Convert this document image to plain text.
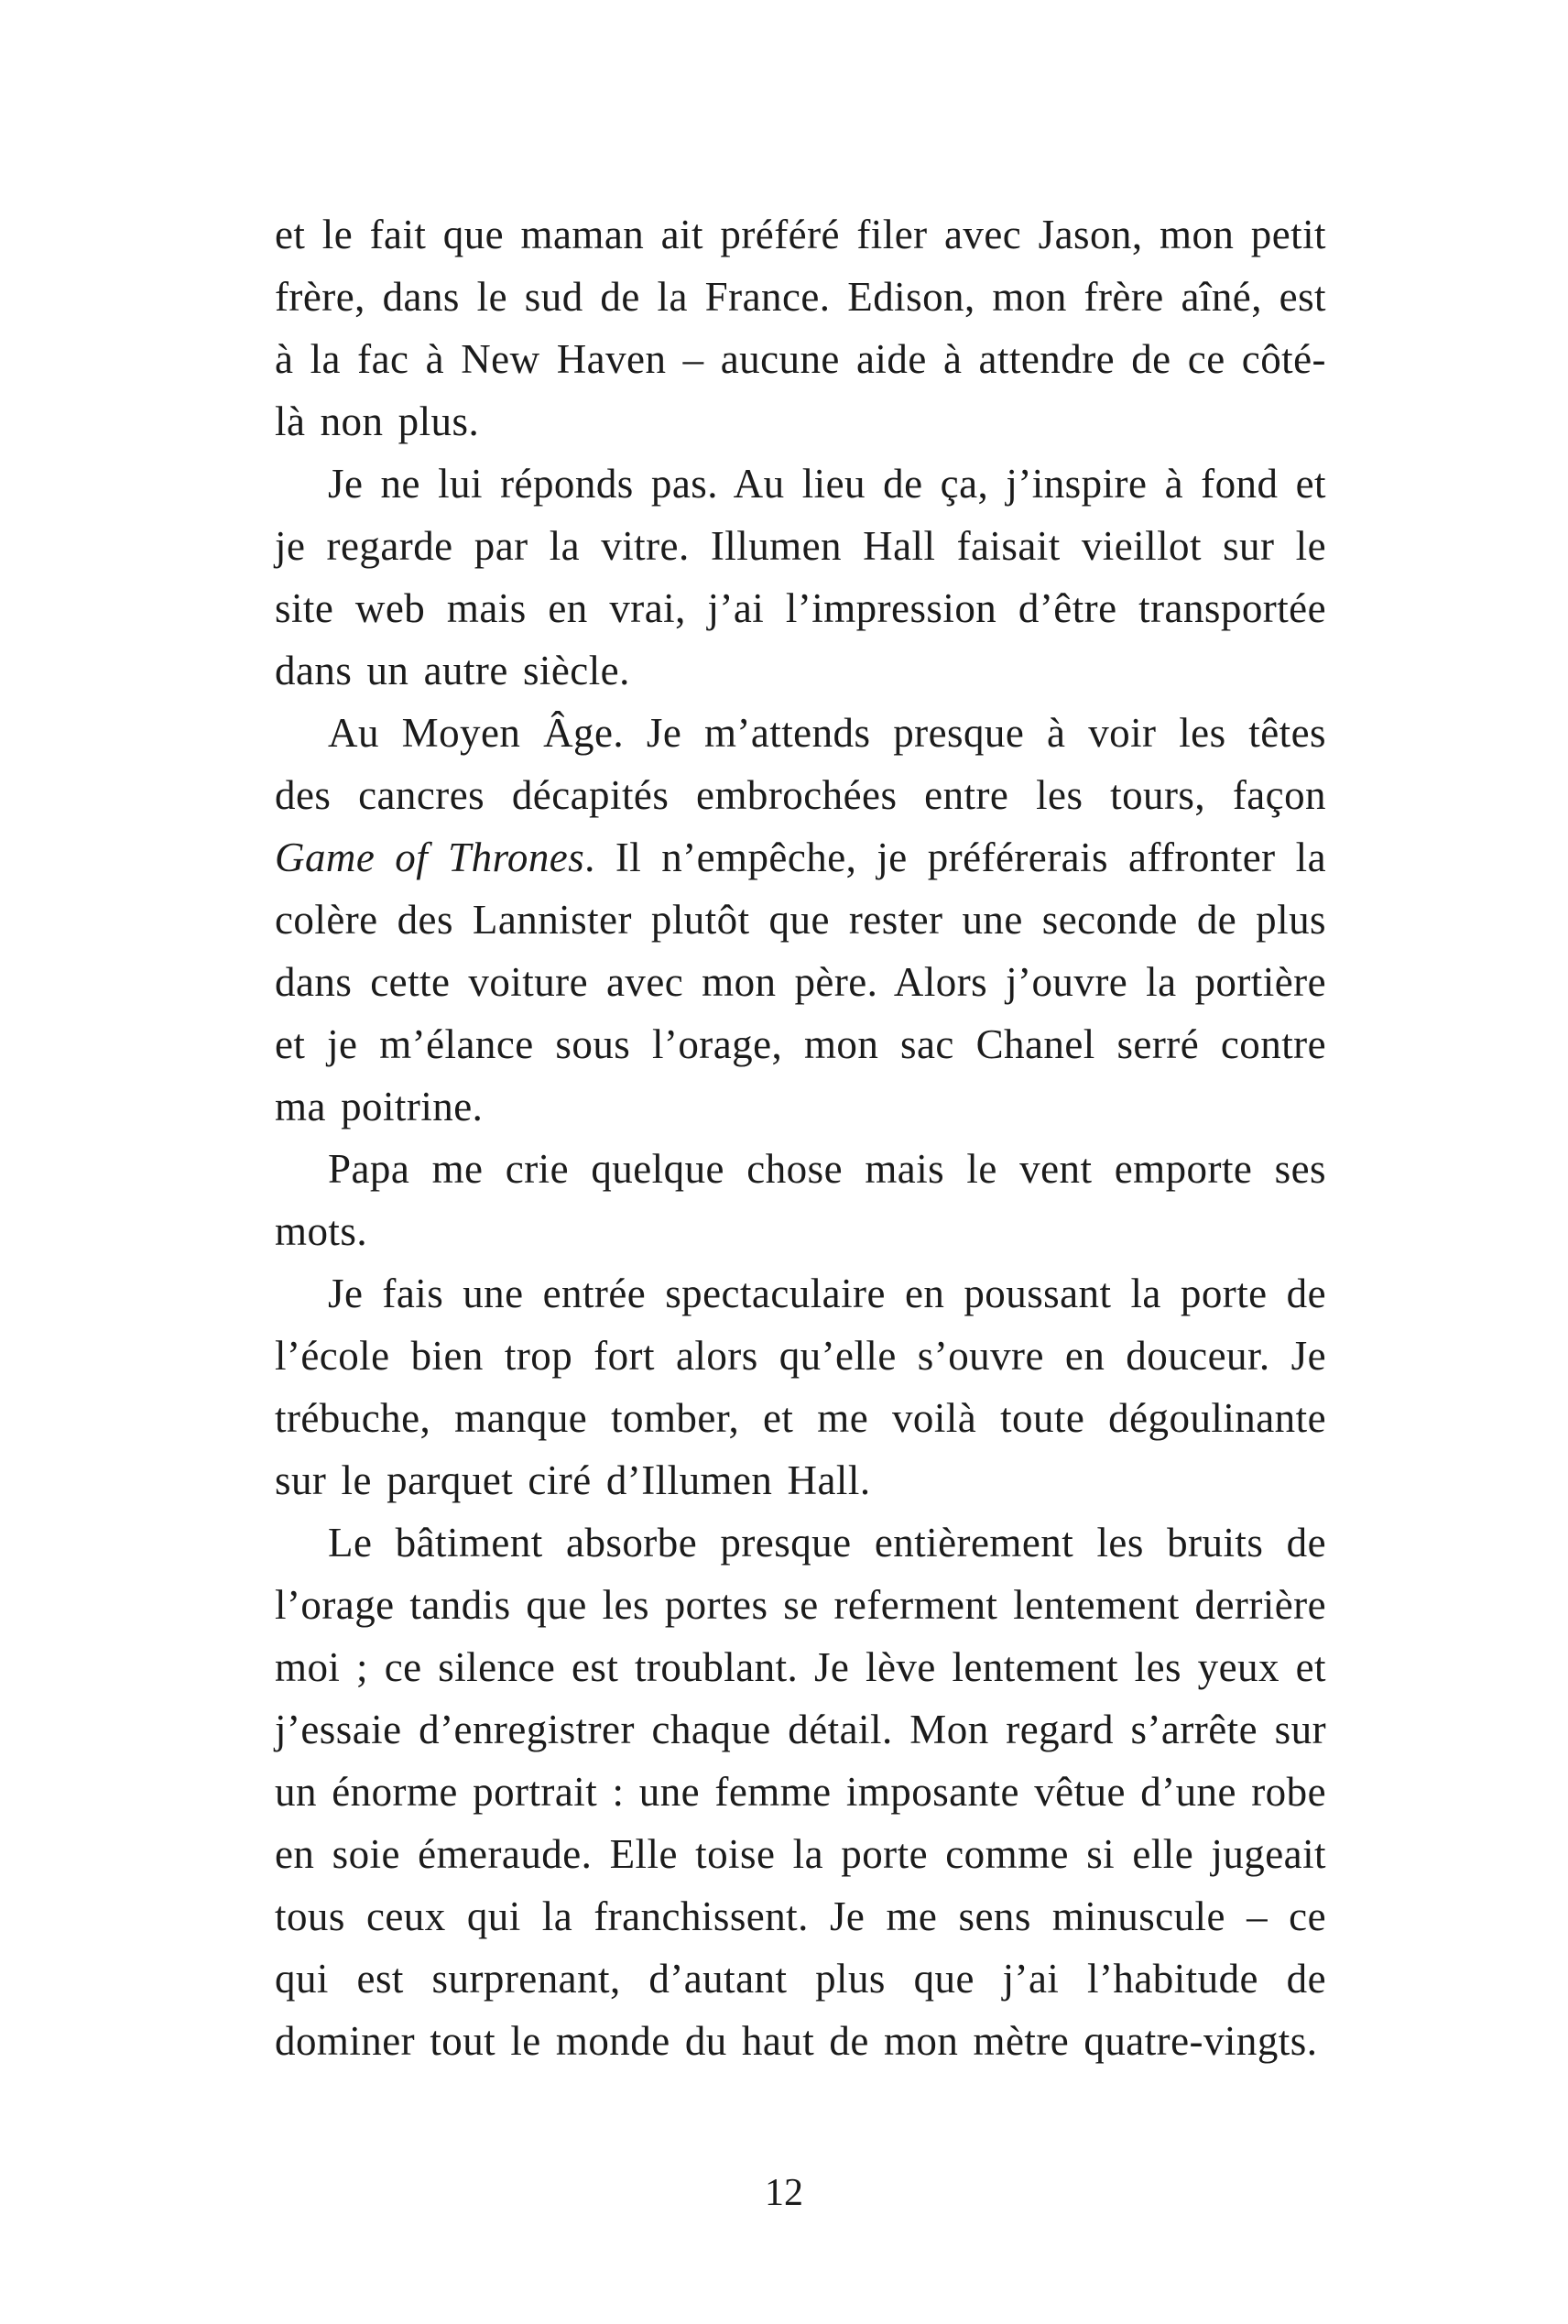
et le fait que maman ait préféré filer avec Jason, mon petit frère, dans le sud de la France. Edison, mon frère aîné, est à la fac à New Haven – aucune aide à attendre de ce côté-là non plus.

Je ne lui réponds pas. Au lieu de ça, j’inspire à fond et je regarde par la vitre. Illumen Hall faisait vieillot sur le site web mais en vrai, j’ai l’impression d’être transportée dans un autre siècle.

Au Moyen Âge. Je m’attends presque à voir les têtes des cancres décapités embrochées entre les tours, façon Game of Thrones. Il n’empêche, je préférerais affronter la colère des Lannister plutôt que rester une seconde de plus dans cette voiture avec mon père. Alors j’ouvre la portière et je m’élance sous l’orage, mon sac Chanel serré contre ma poitrine.

Papa me crie quelque chose mais le vent emporte ses mots.

Je fais une entrée spectaculaire en poussant la porte de l’école bien trop fort alors qu’elle s’ouvre en douceur. Je trébuche, manque tomber, et me voilà toute dégoulinante sur le parquet ciré d’Illumen Hall.

Le bâtiment absorbe presque entièrement les bruits de l’orage tandis que les portes se referment lentement derrière moi ; ce silence est troublant. Je lève lentement les yeux et j’essaie d’enregistrer chaque détail. Mon regard s’arrête sur un énorme portrait : une femme imposante vêtue d’une robe en soie émeraude. Elle toise la porte comme si elle jugeait tous ceux qui la franchissent. Je me sens minuscule – ce qui est surprenant, d’autant plus que j’ai l’habitude de dominer tout le monde du haut de mon mètre quatre-vingts.

12
